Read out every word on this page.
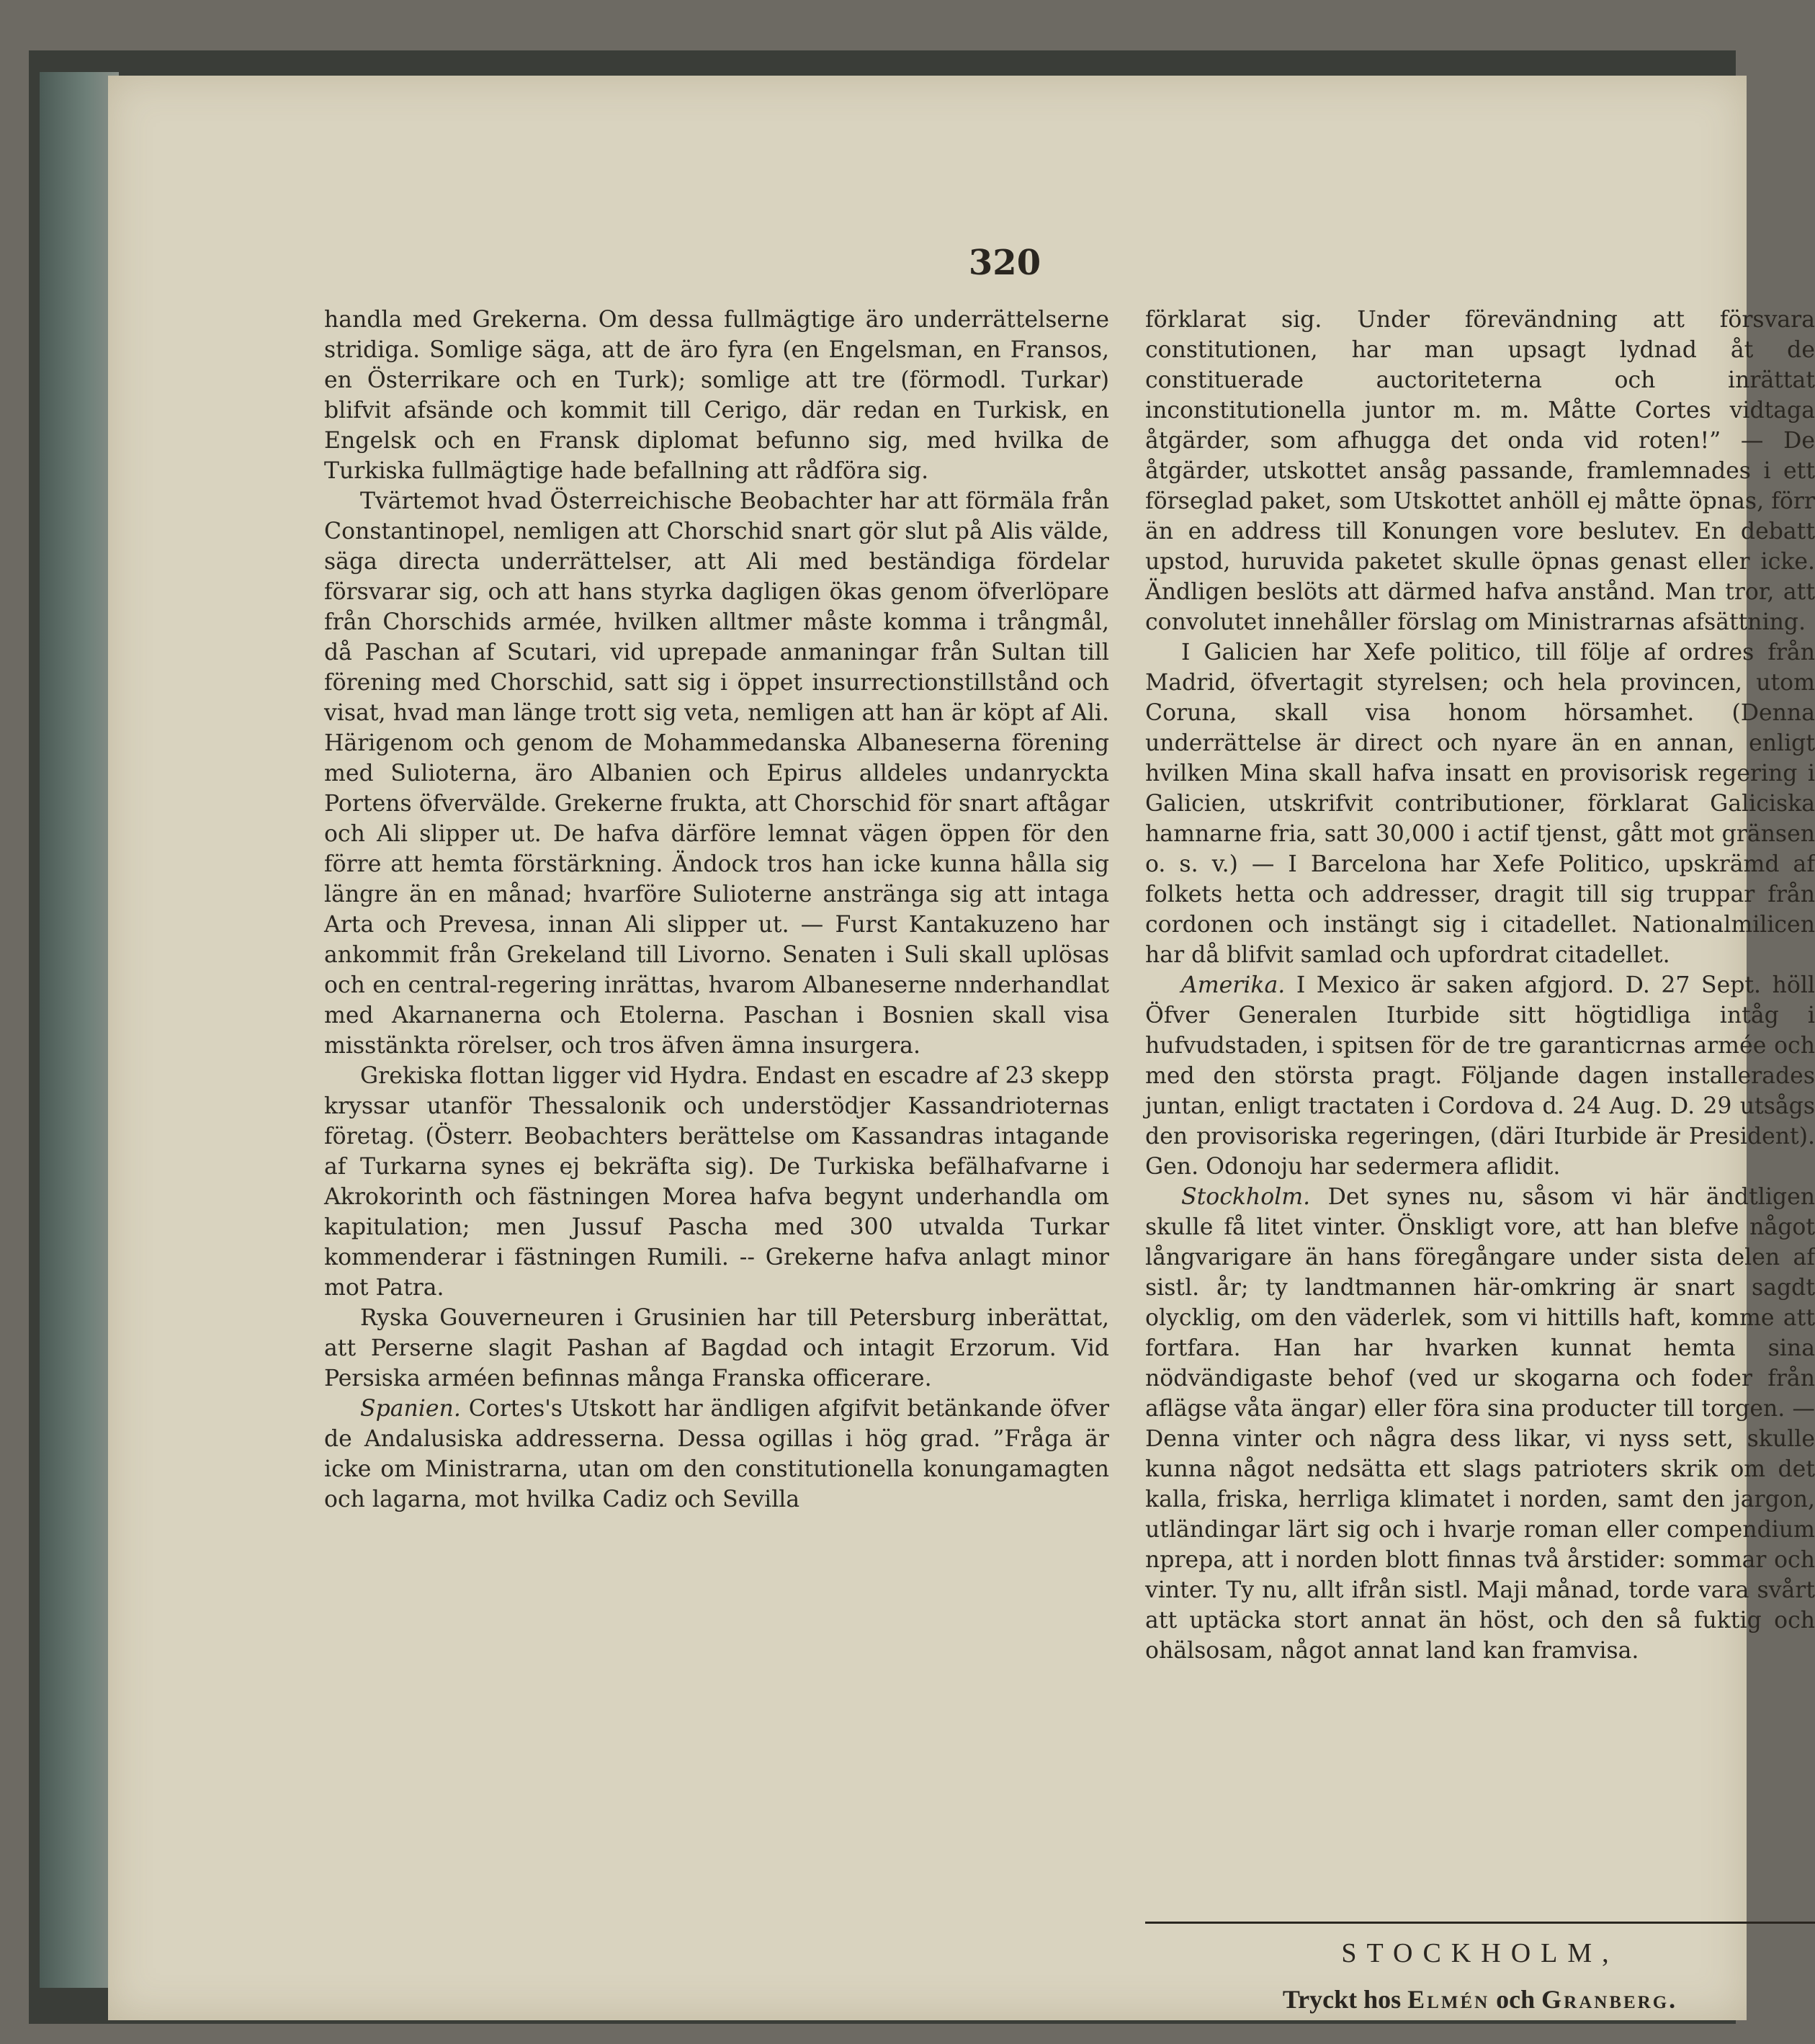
320

handla med Grekerna. Om dessa fullmägtige äro underrättelserne stridiga. Somlige säga, att de äro fyra (en Engelsman, en Fransos, en Österrikare och en Turk); somlige att tre (förmodl. Turkar) blifvit afsände och kommit till Cerigo, där redan en Turkisk, en Engelsk och en Fransk diplomat befunno sig, med hvilka de Turkiska fullmägtige hade befallning att rådföra sig.

Tvärtemot hvad Österreichische Beobachter har att förmäla från Constantinopel, nemligen att Chorschid snart gör slut på Alis välde, säga directa underrättelser, att Ali med beständiga fördelar försvarar sig, och att hans styrka dagligen ökas genom öfverlöpare från Chorschids armée, hvilken alltmer måste komma i trångmål, då Paschan af Scutari, vid uprepade anmaningar från Sultan till förening med Chorschid, satt sig i öppet insurrectionstillstånd och visat, hvad man länge trott sig veta, nemligen att han är köpt af Ali. Härigenom och genom de Mohammedanska Albaneserna förening med Sulioterna, äro Albanien och Epirus alldeles undanryckta Portens öfvervälde. Grekerne frukta, att Chorschid för snart aftågar och Ali slipper ut. De hafva därföre lemnat vägen öppen för den förre att hemta förstärkning. Ändock tros han icke kunna hålla sig längre än en månad; hvarföre Sulioterne anstränga sig att intaga Arta och Prevesa, innan Ali slipper ut. — Furst Kantakuzeno har ankommit från Grekeland till Livorno. Senaten i Suli skall uplösas och en central-regering inrättas, hvarom Albaneserne nnderhandlat med Akarnanerna och Etolerna. Paschan i Bosnien skall visa misstänkta rörelser, och tros äfven ämna insurgera.

Grekiska flottan ligger vid Hydra. Endast en escadre af 23 skepp kryssar utanför Thessalonik och understödjer Kassandrioternas företag. (Österr. Beobachters berättelse om Kassandras intagande af Turkarna synes ej bekräfta sig). De Turkiska befälhafvarne i Akrokorinth och fästningen Morea hafva begynt underhandla om kapitulation; men Jussuf Pascha med 300 utvalda Turkar kommenderar i fästningen Rumili. -- Grekerne hafva anlagt minor mot Patra.

Ryska Gouverneuren i Grusinien har till Petersburg inberättat, att Perserne slagit Pashan af Bagdad och intagit Erzorum. Vid Persiska arméen befinnas många Franska officerare.

Spanien. Cortes's Utskott har ändligen afgifvit betänkande öfver de Andalusiska addresserna. Dessa ogillas i hög grad. ”Fråga är icke om Ministrarna, utan om den constitutionella konungamagten och lagarna, mot hvilka Cadiz och Sevilla

förklarat sig. Under förevändning att försvara constitutionen, har man upsagt lydnad åt de constituerade auctoriteterna och inrättat inconstitutionella juntor m. m. Måtte Cortes vidtaga åtgärder, som afhugga det onda vid roten!” — De åtgärder, utskottet ansåg passande, framlemnades i ett förseglad paket, som Utskottet anhöll ej måtte öpnas, förr än en address till Konungen vore beslutev. En debatt upstod, huruvida paketet skulle öpnas genast eller icke. Ändligen beslöts att därmed hafva anstånd. Man tror, att convolutet innehåller förslag om Ministrarnas afsättning.

I Galicien har Xefe politico, till följe af ordres från Madrid, öfvertagit styrelsen; och hela provincen, utom Coruna, skall visa honom hörsamhet. (Denna underrättelse är direct och nyare än en annan, enligt hvilken Mina skall hafva insatt en provisorisk regering i Galicien, utskrifvit contributioner, förklarat Galiciska hamnarne fria, satt 30,000 i actif tjenst, gått mot gränsen o. s. v.) — I Barcelona har Xefe Politico, upskrämd af folkets hetta och addresser, dragit till sig truppar från cordonen och instängt sig i citadellet. Nationalmilicen har då blifvit samlad och upfordrat citadellet.

Amerika. I Mexico är saken afgjord. D. 27 Sept. höll Öfver Generalen Iturbide sitt högtidliga intåg i hufvudstaden, i spitsen för de tre garanticrnas armée och med den största pragt. Följande dagen installerades juntan, enligt tractaten i Cordova d. 24 Aug. D. 29 utsågs den provisoriska regeringen, (däri Iturbide är President). Gen. Odonoju har sedermera aflidit.

Stockholm. Det synes nu, såsom vi här ändtligen skulle få litet vinter. Önskligt vore, att han blefve något långvarigare än hans föregångare under sista delen af sistl. år; ty landtmannen här-omkring är snart sagdt olycklig, om den väderlek, som vi hittills haft, komme att fortfara. Han har hvarken kunnat hemta sina nödvändigaste behof (ved ur skogarna och foder från aflägse våta ängar) eller föra sina producter till torgen. — Denna vinter och några dess likar, vi nyss sett, skulle kunna något nedsätta ett slags patrioters skrik om det kalla, friska, herrliga klimatet i norden, samt den jargon, utländingar lärt sig och i hvarje roman eller compendium nprepa, att i norden blott finnas två årstider: sommar och vinter. Ty nu, allt ifrån sistl. Maji månad, torde vara svårt att uptäcka stort annat än höst, och den så fuktig och ohälsosam, något annat land kan framvisa.

STOCKHOLM,
Tryckt hos Elmén och Granberg.
